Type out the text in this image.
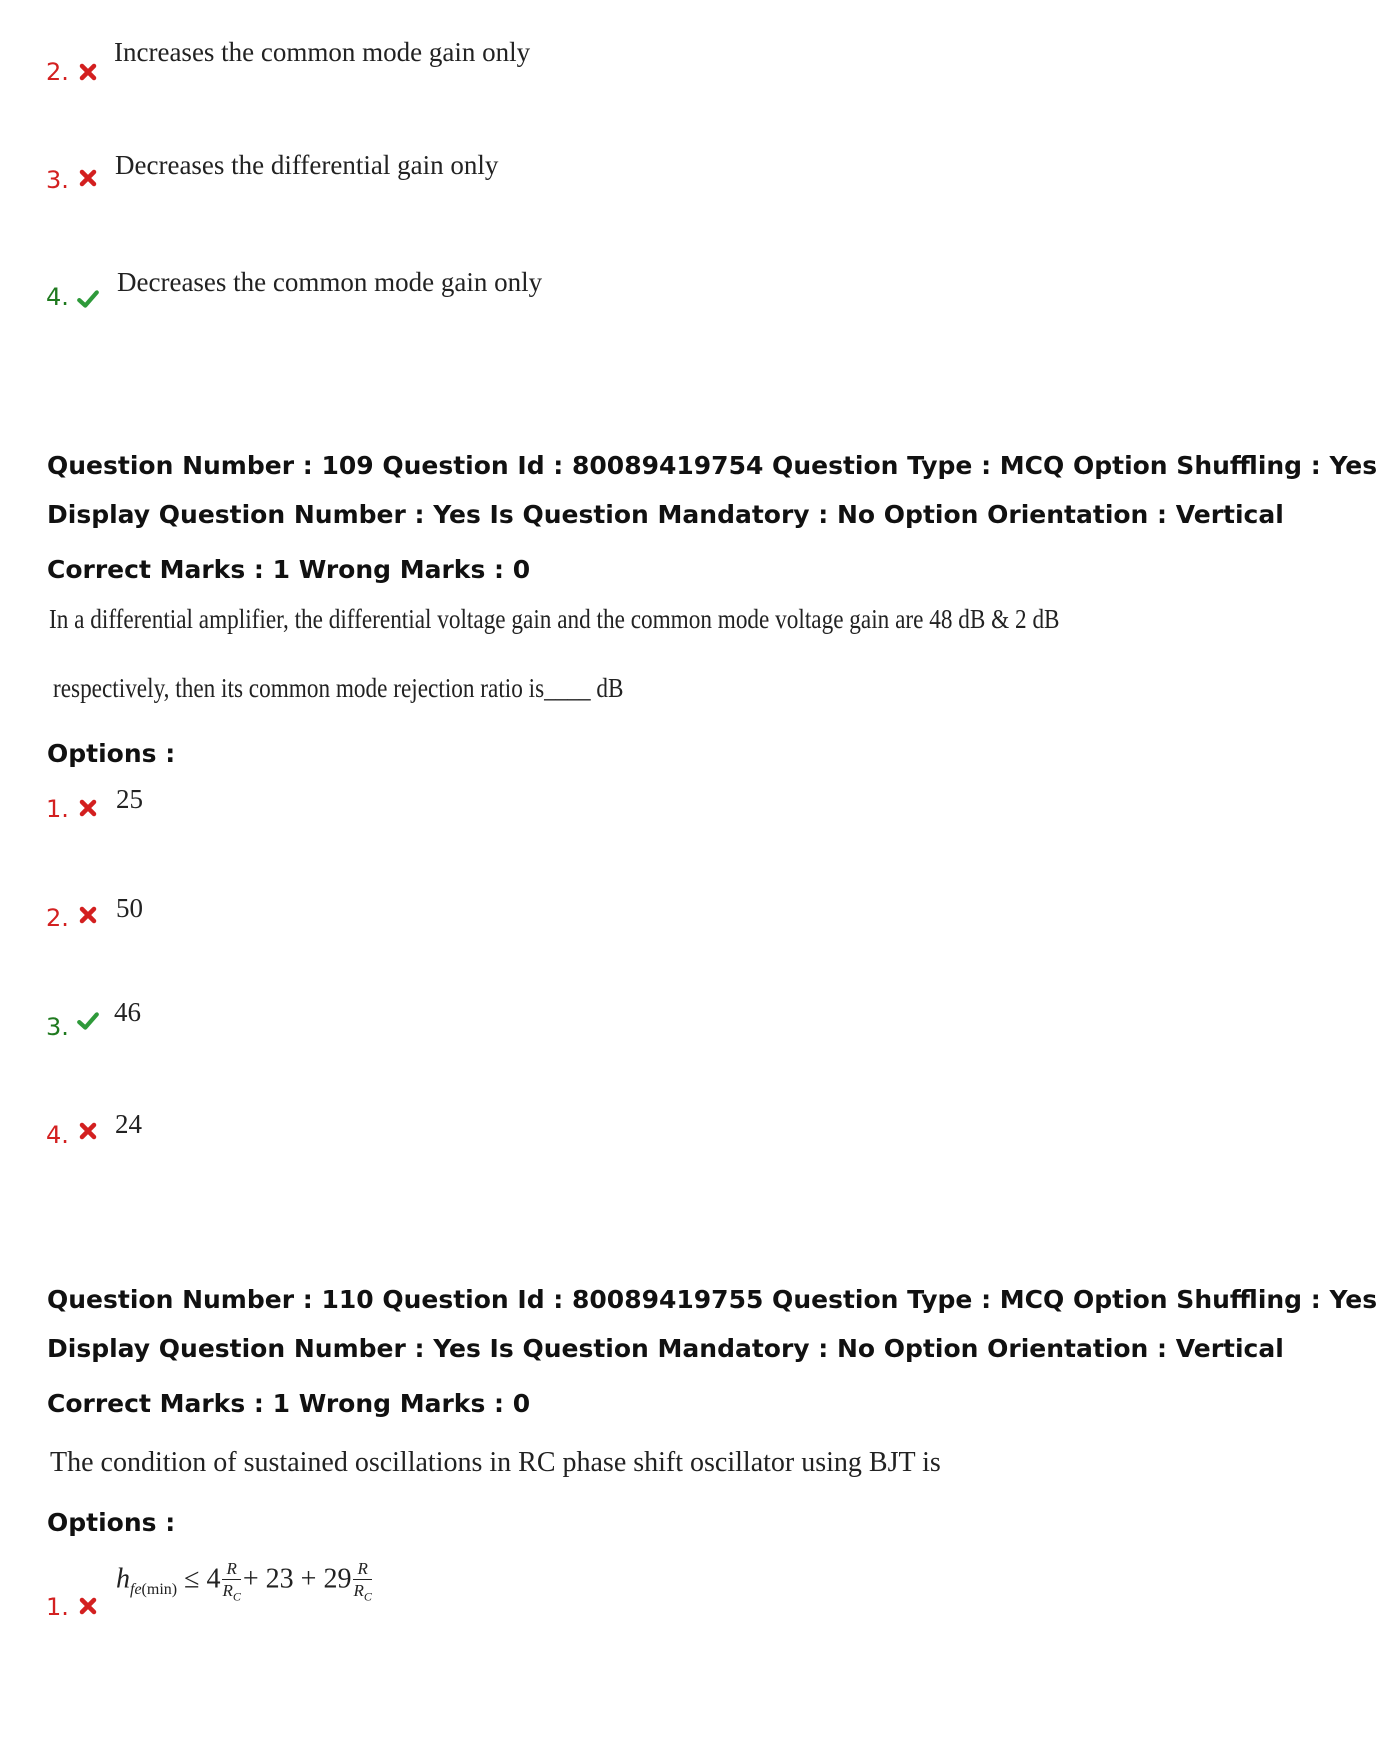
2.
Increases the common mode gain only
3. Decreases the differential gain only
4. Decreases the common mode gain only
Question Number : 109 Question Id : 80089419754 Question Type : MCQ Option Shuffling : Yes
Display Question Number : Yes Is Question Mandatory : No Option Orientation : Vertical
Correct Marks : 1 Wrong Marks : 0
In a differential amplifier, the differential voltage gain and the common mode voltage gain are 48 dB & 2 dB
respectively, then its common mode rejection ratio is____ dB
Options :
1. 25
2. 50
3. 46
4. 24
Question Number : 110 Question Id : 80089419755 Question Type : MCQ Option Shuffling : Yes
Display Question Number : Yes Is Question Mandatory : No Option Orientation : Vertical
Correct Marks : 1 Wrong Marks : 0
The condition of sustained oscillations in RC phase shift oscillator using BJT is
Options :
1.
$h_{fe(min)} \le 4 \frac{R}{R_C} + 23 + 29 \frac{R}{R_C}$
